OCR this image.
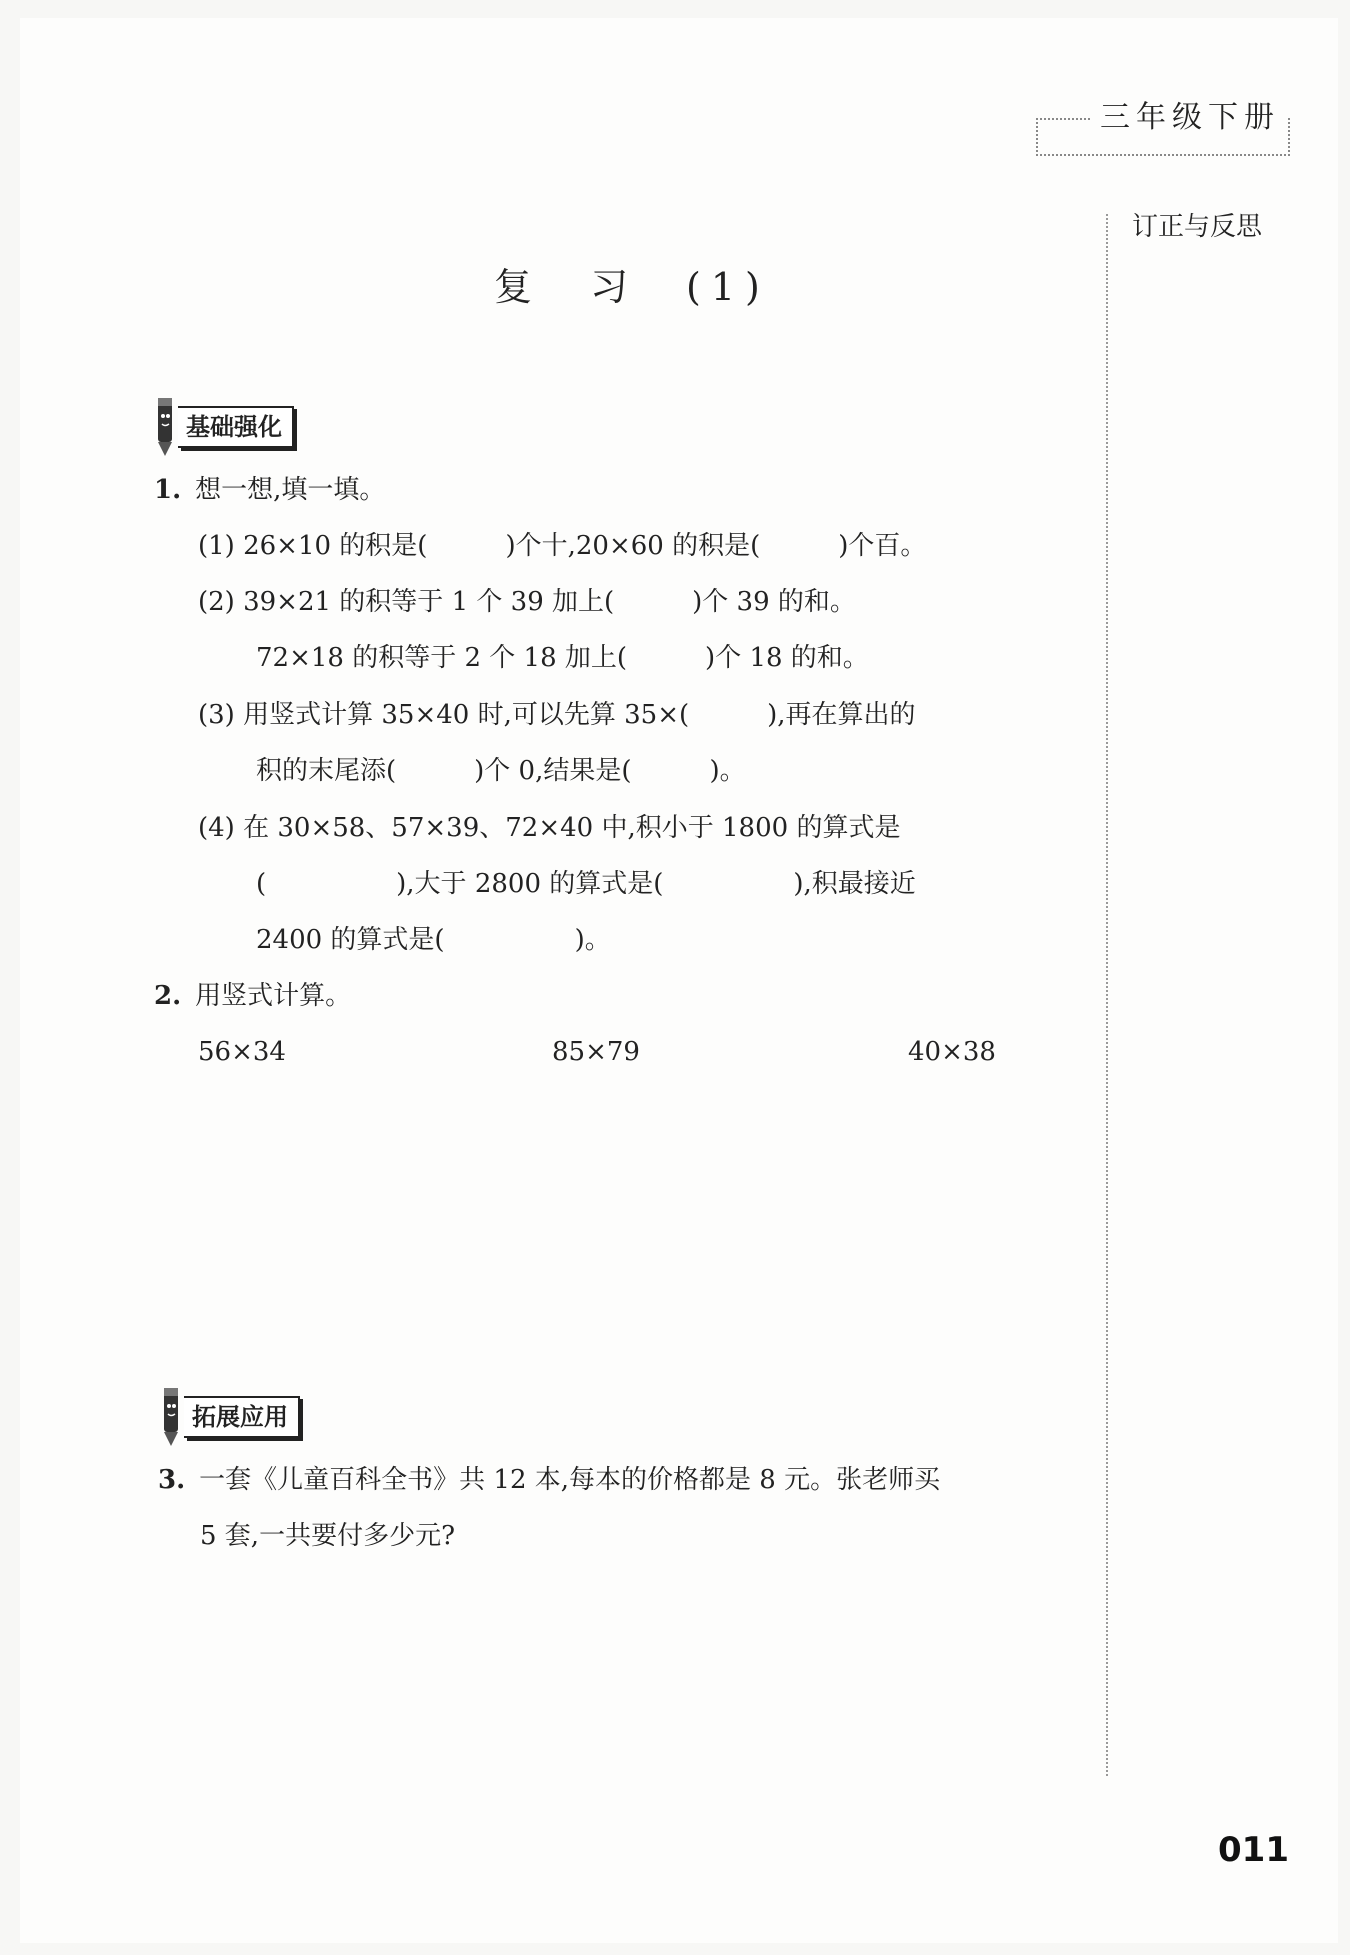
三年级下册
订正与反思
复　习　(1)
基础强化
1. 想一想,填一填。
(1) 26×10 的积是(　　　)个十,20×60 的积是(　　　)个百。
(2) 39×21 的积等于 1 个 39 加上(　　　)个 39 的和。
72×18 的积等于 2 个 18 加上(　　　)个 18 的和。
(3) 用竖式计算 35×40 时,可以先算 35×(　　　),再在算出的
积的末尾添(　　　)个 0,结果是(　　　)。
(4) 在 30×58、57×39、72×40 中,积小于 1800 的算式是
(　　　　　),大于 2800 的算式是(　　　　　),积最接近
2400 的算式是(　　　　　)。
2. 用竖式计算。
56×34	85×79	40×38
拓展应用
3. 一套《儿童百科全书》共 12 本,每本的价格都是 8 元。张老师买
5 套,一共要付多少元?
011
